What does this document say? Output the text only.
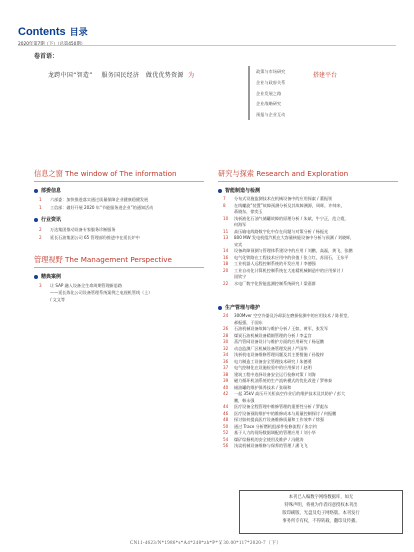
Contents 目录
卷首语：
龙跨中国“智造” 服务国民经济 做优优势资源 为
政策与市场研究
企业与政府关系
企业发展之路
企业战略研究
预报与企业互动
搭建平台
信息之窗 The window of The information
部委信息
1 六部委：加快推进落实通过质量保障企业健康稳健发展
1 工信部：做好开展 2020 年“节能服务进企业”的通知活动
行业资讯
2 万达集团推动设备专家服务诊断服务
2 延长石油集团公司 65 管理部份推进中在延长炉中
管理视野 The Management Perspective
精典案例
3 让 SAP 融入设备全生命周期管理新思路
——延长炼化公司设备管理系统案例之电视机管线（上）
/ 文文等
研究与探索 Research and Exploration
智能制造与检测
7 分布式设施监测技术在机械设备中的应用探索 / 董振领
8 在线螺旋“装置”故障预测分析及其故障溯源，周晖，许帅来，
蒋晓东，徐奕玉
10 浅析液化石油气储罐故障的原理分析 / 朱斌，牛宁正，范立霞，
何海军
11 高压输电线路数字化中存在问题与对策分析 / 杨振光
13 800 MW 发电机组汽机在大容量核能设备中分析与预测 / 刘晓辉，
宋宾
14 设备故障预测与管理体系建设中的应用 / 刘鹏，高磊，黄飞，张鹏
16 电气化铁路在工程技术应用中的价值 / 张立红，苏国石，王东平
18 工业机器人远程控制系统的开发应用 / 李德强
20 工业自动化计算机控制系统在大连精机械制造中的应用探讨 /
国钦宁
22 水电厂数字化智能监测控制系统研究 / 梁嘉群
生产管理与维护
24 300Mver 空空冷器及冷却泵在磨损检测中的应用技术 / 陈景堂，
郝振强，于国东
26 石油机械设备故障与维护分析 / 王如，黄军，张发军
28 煤炭石油机械设备精细管理的分析 / 李孟宫
30 蒸汽管网设备设计与维护方面的应用研究 / 杨冠鹏
32 动态监测厂区机械设备管理发展 / 严国华
34 浅析机电设备维修管理问题及其主要措施 / 孙俊梓
36 电力制造工设备安全管理技术研究 / 朱德勇
37 电气控制化在设施检验中的应用探讨 / 赵明
38 建筑工程中选择设备安全运行检修对策 / 刘海
39 磁力循环机油系统的生产流转模式的优化改进 / 罗林泰
40 储油罐的维护保养技术 / 张瑞和
42 一起 35kV 高压开关柜高空作业后的维护技术及其防护 / 彭大
鹏，韩永强
44 医疗设备全程管理中维修管理的重要性分析 / 罗彪东
46 医疗设备预防维护中的维修成本与质量控制探讨 / 何振鹏
48 探讨如何提高医疗设备维修质量和工作效率 / 徐强
50 通过 Trace 分析燃机组部件检修流程 / 张宗钧
52 基于人力的现场数据调配的管理应用 / 刘小华
54 煤矿综掘机的安全使用及维护 / 冯健涛
56 浅谈机械设备维修与保养的管理 / 潘飞飞
本刊已入编数字网络数据库，如无
特殊声明，将视为作者同意授权本刊出
版印刷版、光盘及电子网络版。本刊发行
事务所专有权，不得转载、翻印及传播。
CN11-4623/N*1986*s*A4*248*zh*P*￥30.00*117*2020-7（下）
